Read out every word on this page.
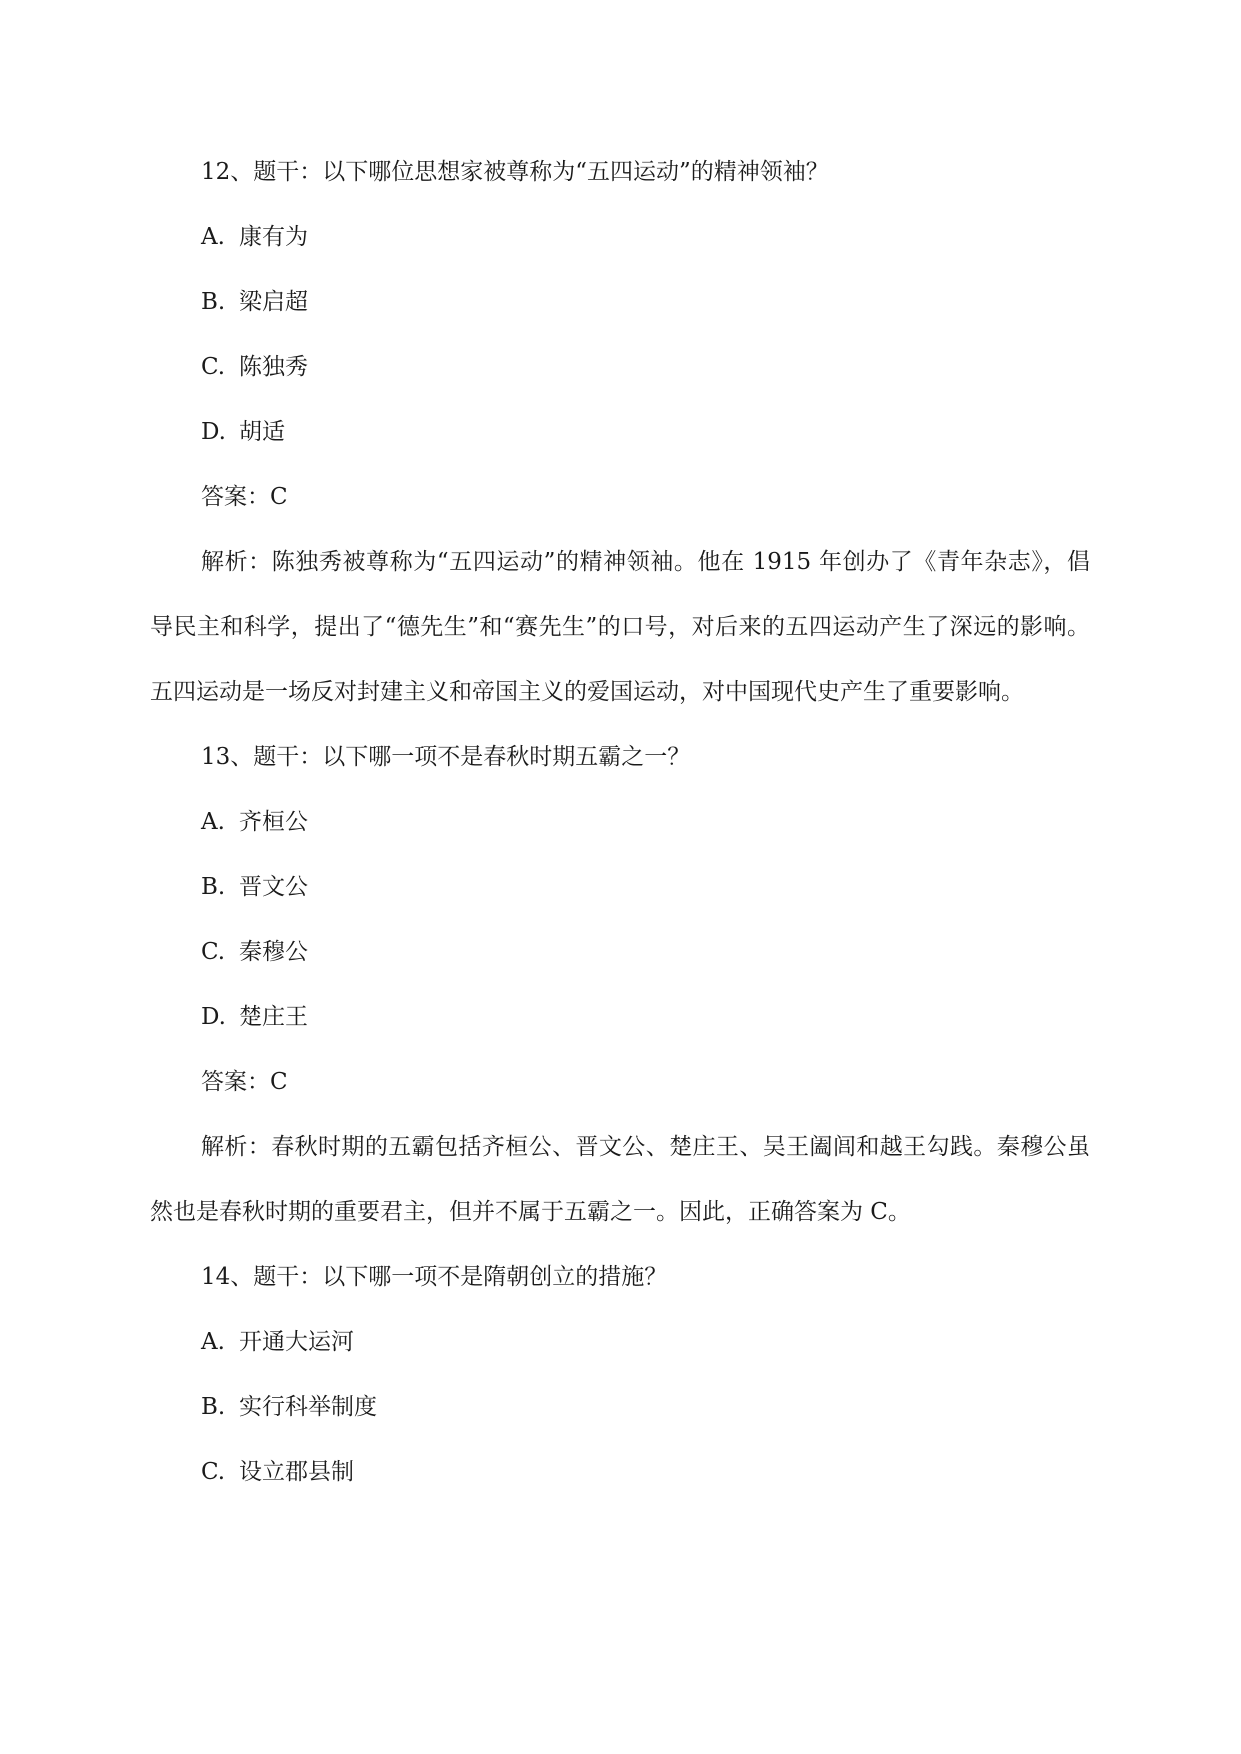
12、题干：以下哪位思想家被尊称为“五四运动”的精神领袖？
A. 康有为
B. 梁启超
C. 陈独秀
D. 胡适
答案：C

解析：陈独秀被尊称为“五四运动”的精神领袖。他在 1915 年创办了《青年杂志》，倡导民主和科学，提出了“德先生”和“赛先生”的口号，对后来的五四运动产生了深远的影响。五四运动是一场反对封建主义和帝国主义的爱国运动，对中国现代史产生了重要影响。

13、题干：以下哪一项不是春秋时期五霸之一？
A. 齐桓公
B. 晋文公
C. 秦穆公
D. 楚庄王
答案：C

解析：春秋时期的五霸包括齐桓公、晋文公、楚庄王、吴王阖闾和越王勾践。秦穆公虽然也是春秋时期的重要君主，但并不属于五霸之一。因此，正确答案为 C。

14、题干：以下哪一项不是隋朝创立的措施？
A. 开通大运河
B. 实行科举制度
C. 设立郡县制
